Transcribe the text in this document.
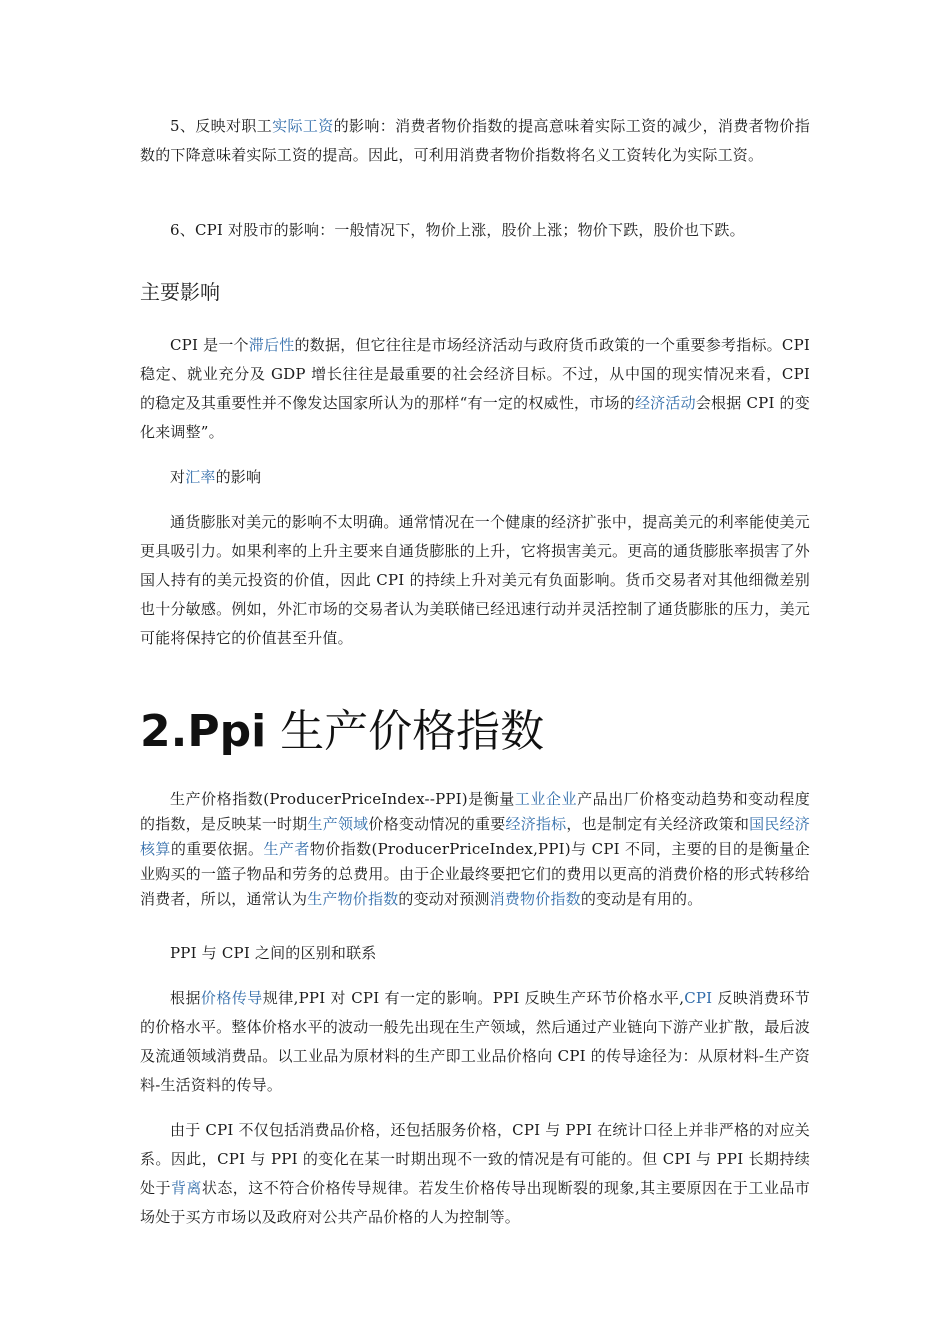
5、反映对职工实际工资的影响：消费者物价指数的提高意味着实际工资的减少，消费者物价指数的下降意味着实际工资的提高。因此，可利用消费者物价指数将名义工资转化为实际工资。

6、CPI 对股市的影响：一般情况下，物价上涨，股价上涨；物价下跌，股价也下跌。

主要影响

CPI 是一个滞后性的数据，但它往往是市场经济活动与政府货币政策的一个重要参考指标。CPI 稳定、就业充分及 GDP 增长往往是最重要的社会经济目标。不过，从中国的现实情况来看，CPI 的稳定及其重要性并不像发达国家所认为的那样“有一定的权威性，市场的经济活动会根据 CPI 的变化来调整”。

对汇率的影响

通货膨胀对美元的影响不太明确。通常情况在一个健康的经济扩张中，提高美元的利率能使美元更具吸引力。如果利率的上升主要来自通货膨胀的上升，它将损害美元。更高的通货膨胀率损害了外国人持有的美元投资的价值，因此 CPI 的持续上升对美元有负面影响。货币交易者对其他细微差别也十分敏感。例如，外汇市场的交易者认为美联储已经迅速行动并灵活控制了通货膨胀的压力，美元可能将保持它的价值甚至升值。

2.Ppi 生产价格指数

生产价格指数(ProducerPriceIndex--PPI)是衡量工业企业产品出厂价格变动趋势和变动程度的指数，是反映某一时期生产领域价格变动情况的重要经济指标，也是制定有关经济政策和国民经济核算的重要依据。生产者物价指数(ProducerPriceIndex,PPI)与 CPI 不同，主要的目的是衡量企业购买的一篮子物品和劳务的总费用。由于企业最终要把它们的费用以更高的消费价格的形式转移给消费者，所以，通常认为生产物价指数的变动对预测消费物价指数的变动是有用的。

PPI 与 CPI 之间的区别和联系

根据价格传导规律,PPI 对 CPI 有一定的影响。PPI 反映生产环节价格水平,CPI 反映消费环节的价格水平。整体价格水平的波动一般先出现在生产领域，然后通过产业链向下游产业扩散，最后波及流通领域消费品。以工业品为原材料的生产即工业品价格向 CPI 的传导途径为：从原材料-生产资料-生活资料的传导。

由于 CPI 不仅包括消费品价格，还包括服务价格，CPI 与 PPI 在统计口径上并非严格的对应关系。因此，CPI 与 PPI 的变化在某一时期出现不一致的情况是有可能的。但 CPI 与 PPI 长期持续处于背离状态，这不符合价格传导规律。若发生价格传导出现断裂的现象,其主要原因在于工业品市场处于买方市场以及政府对公共产品价格的人为控制等。
